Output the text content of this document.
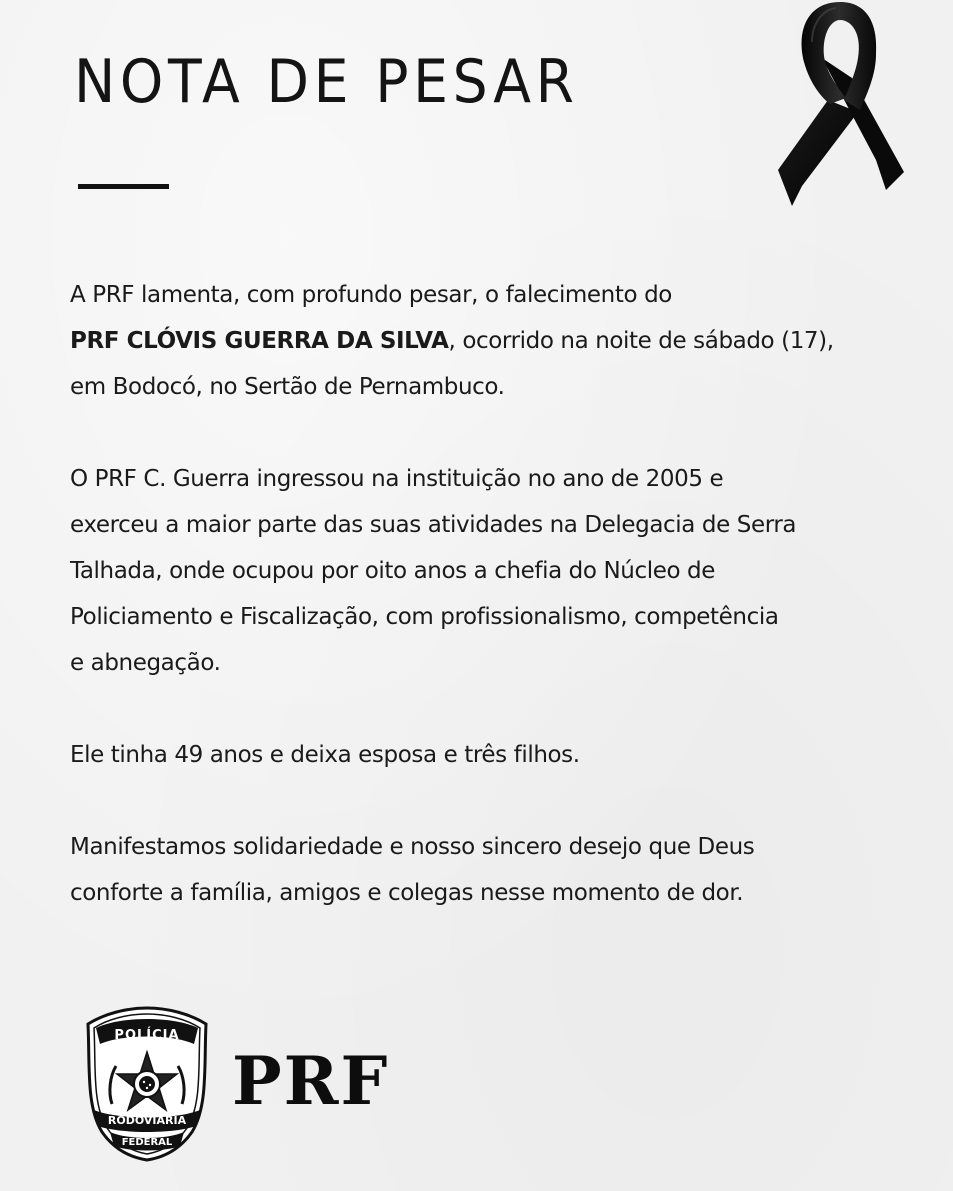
NOTA DE PESAR

A PRF lamenta, com profundo pesar, o falecimento do
PRF CLÓVIS GUERRA DA SILVA, ocorrido na noite de sábado (17),
em Bodocó, no Sertão de Pernambuco.

O PRF C. Guerra ingressou na instituição no ano de 2005 e
exerceu a maior parte das suas atividades na Delegacia de Serra
Talhada, onde ocupou por oito anos a chefia do Núcleo de
Policiamento e Fiscalização, com profissionalismo, competência
e abnegação.

Ele tinha 49 anos e deixa esposa e três filhos.

Manifestamos solidariedade e nosso sincero desejo que Deus
conforte a família, amigos e colegas nesse momento de dor.

POLÍCIA
RODOVIÁRIA
FEDERAL
PRF
